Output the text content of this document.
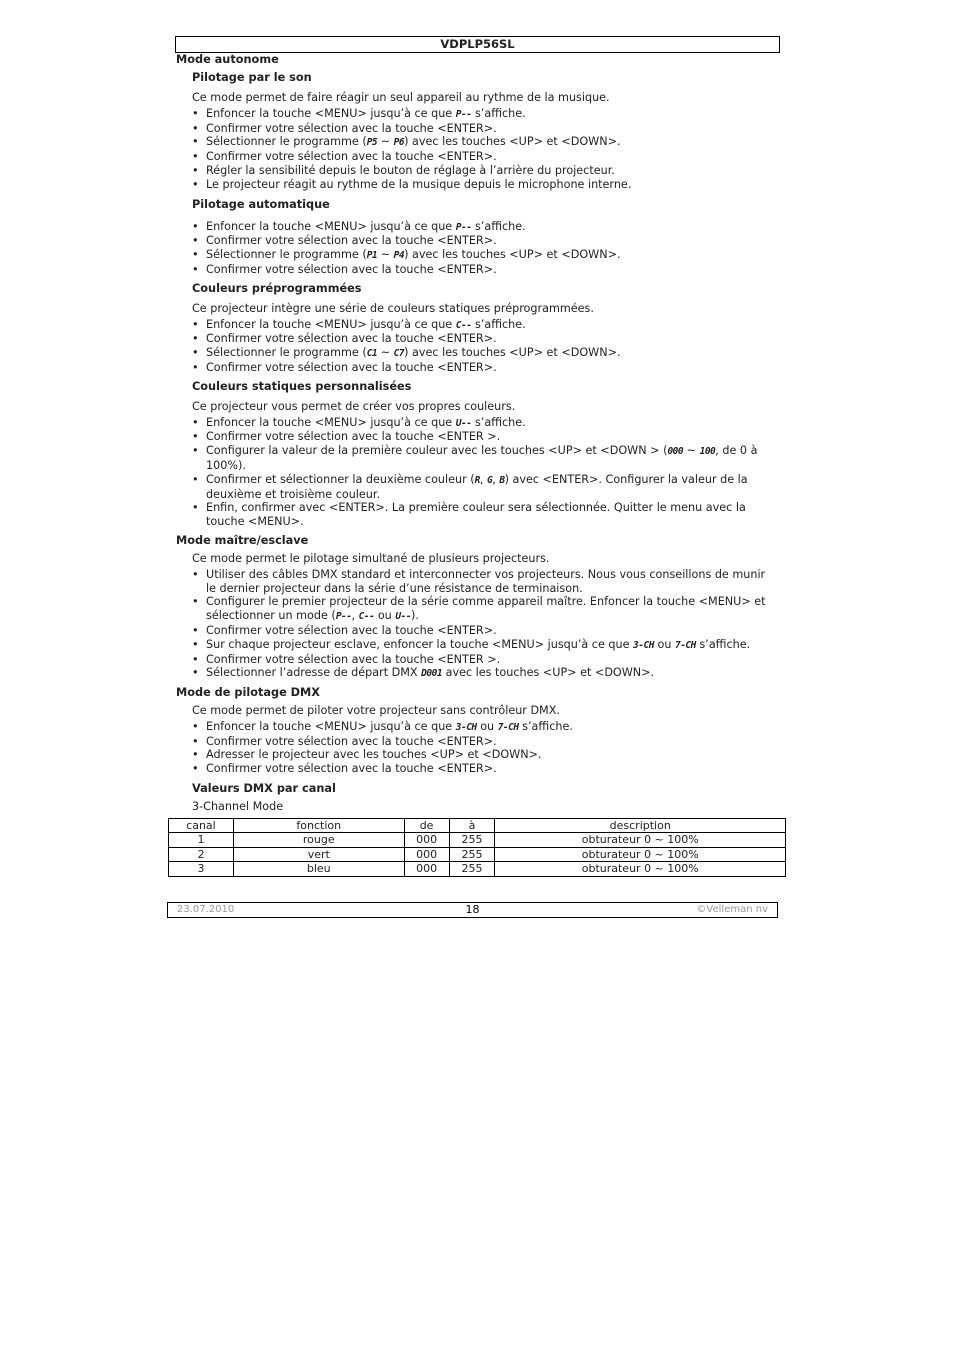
VDPLP56SL
Mode autonome
Pilotage par le son

Ce mode permet de faire réagir un seul appareil au rythme de la musique.

• Enfoncer la touche <MENU> jusqu’à ce que P-- s’affiche.
• Confirmer votre sélection avec la touche <ENTER>.
• Sélectionner le programme (P5 ~ P6) avec les touches <UP> et <DOWN>.
• Confirmer votre sélection avec la touche <ENTER>.
• Régler la sensibilité depuis le bouton de réglage à l’arrière du projecteur.
• Le projecteur réagit au rythme de la musique depuis le microphone interne.
Pilotage automatique
• Enfoncer la touche <MENU> jusqu’à ce que P-- s’affiche.
• Confirmer votre sélection avec la touche <ENTER>.
• Sélectionner le programme (P1 ~ P4) avec les touches <UP> et <DOWN>.
• Confirmer votre sélection avec la touche <ENTER>.
Couleurs préprogrammées

Ce projecteur intègre une série de couleurs statiques préprogrammées.

• Enfoncer la touche <MENU> jusqu’à ce que C-- s’affiche.
• Confirmer votre sélection avec la touche <ENTER>.
• Sélectionner le programme (C1 ~ C7) avec les touches <UP> et <DOWN>.
• Confirmer votre sélection avec la touche <ENTER>.
Couleurs statiques personnalisées

Ce projecteur vous permet de créer vos propres couleurs.

• Enfoncer la touche <MENU> jusqu’à ce que U-- s’affiche.
• Confirmer votre sélection avec la touche <ENTER >.
• Configurer la valeur de la première couleur avec les touches <UP> et <DOWN > (000 ~ 100, de 0 à 100%).
• Confirmer et sélectionner la deuxième couleur (R, G, B) avec <ENTER>. Configurer la valeur de la deuxième et troisième couleur.
• Enfin, confirmer avec <ENTER>. La première couleur sera sélectionnée. Quitter le menu avec la touche <MENU>.
Mode maître/esclave

Ce mode permet le pilotage simultané de plusieurs projecteurs.

• Utiliser des câbles DMX standard et interconnecter vos projecteurs. Nous vous conseillons de munir le dernier projecteur dans la série d’une résistance de terminaison.
• Configurer le premier projecteur de la série comme appareil maître. Enfoncer la touche <MENU> et sélectionner un mode (P--, C-- ou U--).
• Confirmer votre sélection avec la touche <ENTER>.
• Sur chaque projecteur esclave, enfoncer la touche <MENU> jusqu’à ce que 3-CH ou 7-CH s’affiche.
• Confirmer votre sélection avec la touche <ENTER >.
• Sélectionner l’adresse de départ DMX D001 avec les touches <UP> et <DOWN>.
Mode de pilotage DMX

Ce mode permet de piloter votre projecteur sans contrôleur DMX.

• Enfoncer la touche <MENU> jusqu’à ce que 3-CH ou 7-CH s’affiche.
• Confirmer votre sélection avec la touche <ENTER>.
• Adresser le projecteur avec les touches <UP> et <DOWN>.
• Confirmer votre sélection avec la touche <ENTER>.
Valeurs DMX par canal

3-Channel Mode

canal	fonction	de	à	description
1	rouge	000	255	obturateur 0 ~ 100%
2	vert	000	255	obturateur 0 ~ 100%
3	bleu	000	255	obturateur 0 ~ 100%
23.07.2010	18	©Velleman nv
